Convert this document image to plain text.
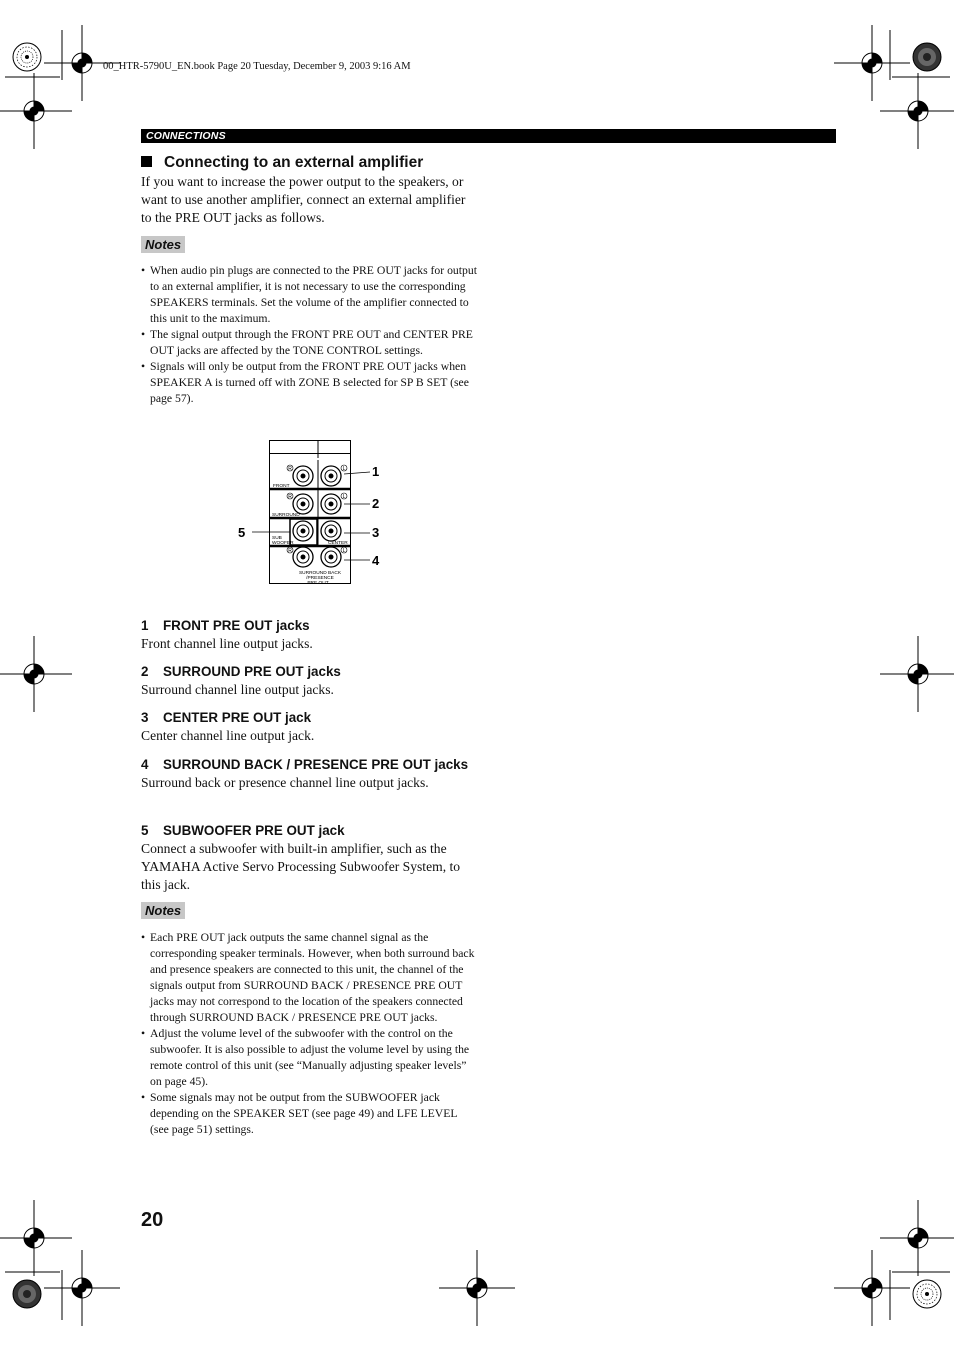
00_HTR-5790U_EN.book Page 20 Tuesday, December 9, 2003 9:16 AM
CONNECTIONS
Connecting to an external amplifier
If you want to increase the power output to the speakers, or want to use another amplifier, connect an external amplifier to the PRE OUT jacks as follows.
Notes
• When audio pin plugs are connected to the PRE OUT jacks for output to an external amplifier, it is not necessary to use the corresponding SPEAKERS terminals. Set the volume of the amplifier connected to this unit to the maximum.
• The signal output through the FRONT PRE OUT and CENTER PRE OUT jacks are affected by the TONE CONTROL settings.
• Signals will only be output from the FRONT PRE OUT jacks when SPEAKER A is turned off with ZONE B selected for SP B SET (see page 57).
R	L
R	L
R	L
FRONT
SURROUND
SUB
WOOFER	CENTER
SURROUND BACK
/PRESENCE
PRE OUT
1
2
3
4
5
1	FRONT PRE OUT jacks
Front channel line output jacks.
2	SURROUND PRE OUT jacks
Surround channel line output jacks.
3	CENTER PRE OUT jack
Center channel line output jack.
4	SURROUND BACK / PRESENCE PRE OUT jacks
Surround back or presence channel line output jacks.
5	SUBWOOFER PRE OUT jack
Connect a subwoofer with built-in amplifier, such as the YAMAHA Active Servo Processing Subwoofer System, to this jack.
Notes
• Each PRE OUT jack outputs the same channel signal as the corresponding speaker terminals. However, when both surround back and presence speakers are connected to this unit, the channel of the signals output from SURROUND BACK / PRESENCE PRE OUT jacks may not correspond to the location of the speakers connected through SURROUND BACK / PRESENCE PRE OUT jacks.
• Adjust the volume level of the subwoofer with the control on the subwoofer. It is also possible to adjust the volume level by using the remote control of this unit (see “Manually adjusting speaker levels” on page 45).
• Some signals may not be output from the SUBWOOFER jack depending on the SPEAKER SET (see page 49) and LFE LEVEL (see page 51) settings.
20
